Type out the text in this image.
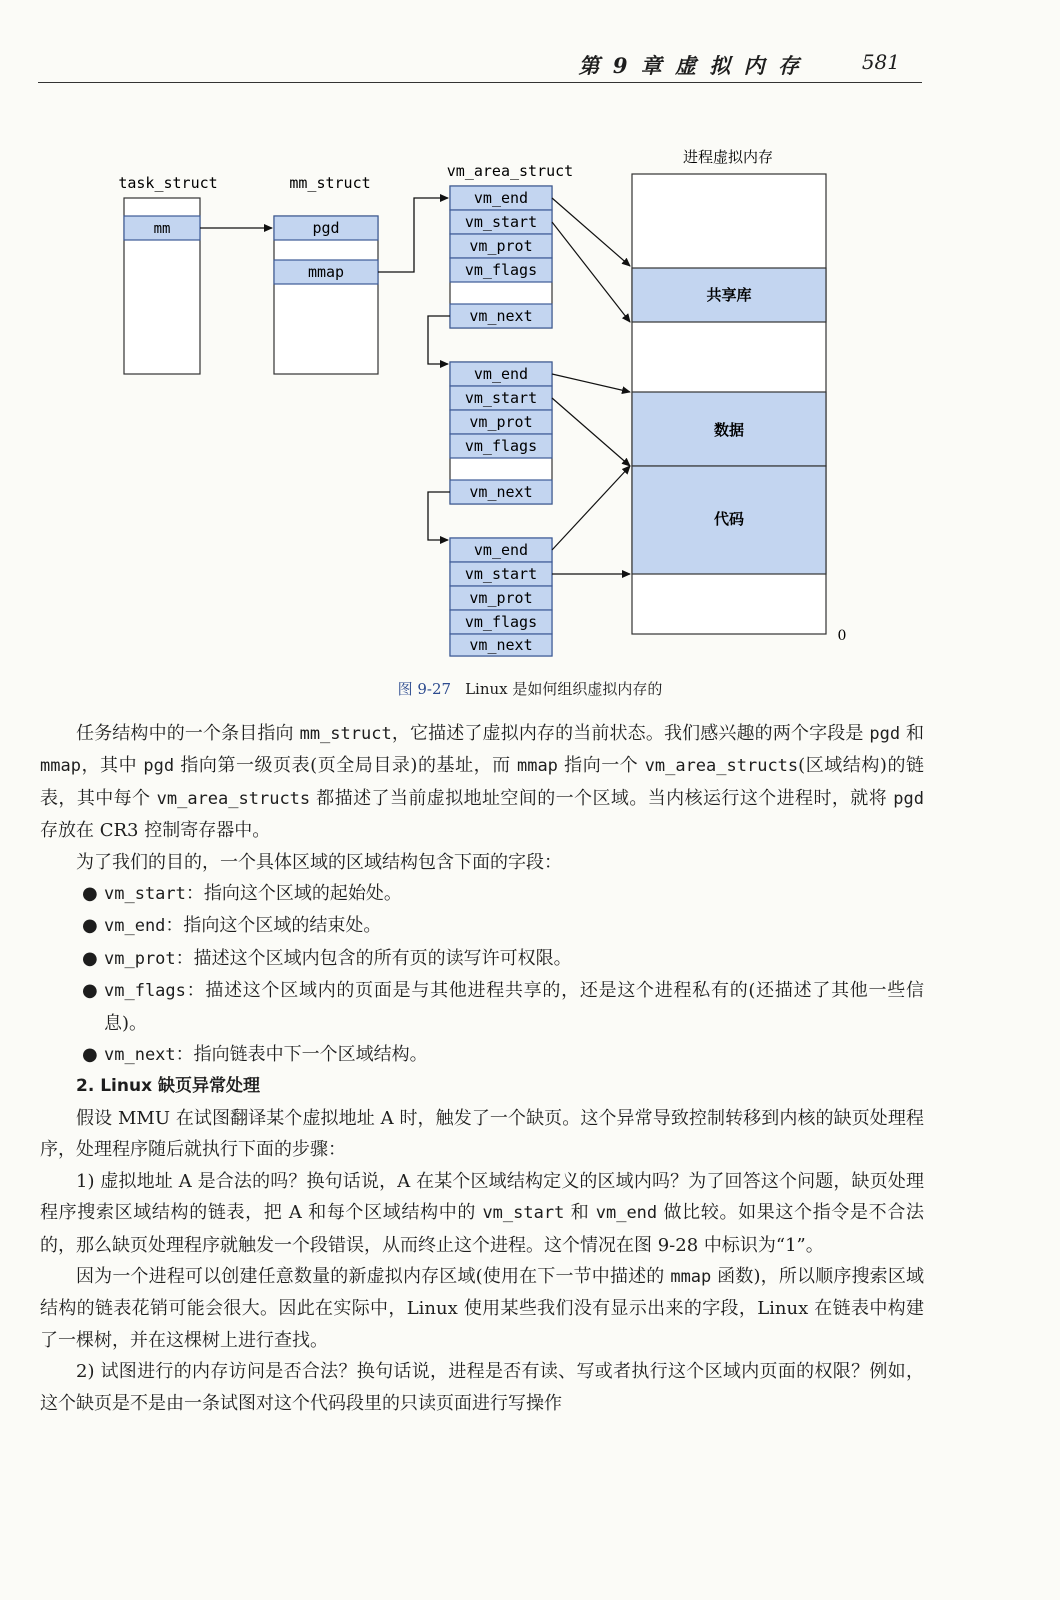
第 9 章 虚 拟 内 存	581
task_struct	mm_struct
vm_area_struct
进程虚拟内存
mm	pgd
mmap
vm_end
vm_start
vm_prot
vm_flags
vm_next
vm_end
vm_start
vm_prot
vm_flags
vm_next
vm_end
vm_start
vm_prot
vm_flags
vm_next
共享库
数据
代码
0
图 9-27 Linux 是如何组织虚拟内存的

任务结构中的一个条目指向 mm_struct，它描述了虚拟内存的当前状态。我们感兴趣的两个字段是 pgd 和 mmap，其中 pgd 指向第一级页表(页全局目录)的基址，而 mmap 指向一个 vm_area_structs(区域结构)的链表，其中每个 vm_area_structs 都描述了当前虚拟地址空间的一个区域。当内核运行这个进程时，就将 pgd 存放在 CR3 控制寄存器中。

为了我们的目的，一个具体区域的区域结构包含下面的字段：

● vm_start：指向这个区域的起始处。

● vm_end：指向这个区域的结束处。

● vm_prot：描述这个区域内包含的所有页的读写许可权限。

● vm_flags：描述这个区域内的页面是与其他进程共享的，还是这个进程私有的(还描述了其他一些信息)。

● vm_next：指向链表中下一个区域结构。

2. Linux 缺页异常处理

假设 MMU 在试图翻译某个虚拟地址 A 时，触发了一个缺页。这个异常导致控制转移到内核的缺页处理程序，处理程序随后就执行下面的步骤：

1) 虚拟地址 A 是合法的吗？换句话说，A 在某个区域结构定义的区域内吗？为了回答这个问题，缺页处理程序搜索区域结构的链表，把 A 和每个区域结构中的 vm_start 和 vm_end 做比较。如果这个指令是不合法的，那么缺页处理程序就触发一个段错误，从而终止这个进程。这个情况在图 9-28 中标识为“1”。

因为一个进程可以创建任意数量的新虚拟内存区域(使用在下一节中描述的 mmap 函数)，所以顺序搜索区域结构的链表花销可能会很大。因此在实际中，Linux 使用某些我们没有显示出来的字段，Linux 在链表中构建了一棵树，并在这棵树上进行查找。

2) 试图进行的内存访问是否合法？换句话说，进程是否有读、写或者执行这个区域内页面的权限？例如，这个缺页是不是由一条试图对这个代码段里的只读页面进行写操作
